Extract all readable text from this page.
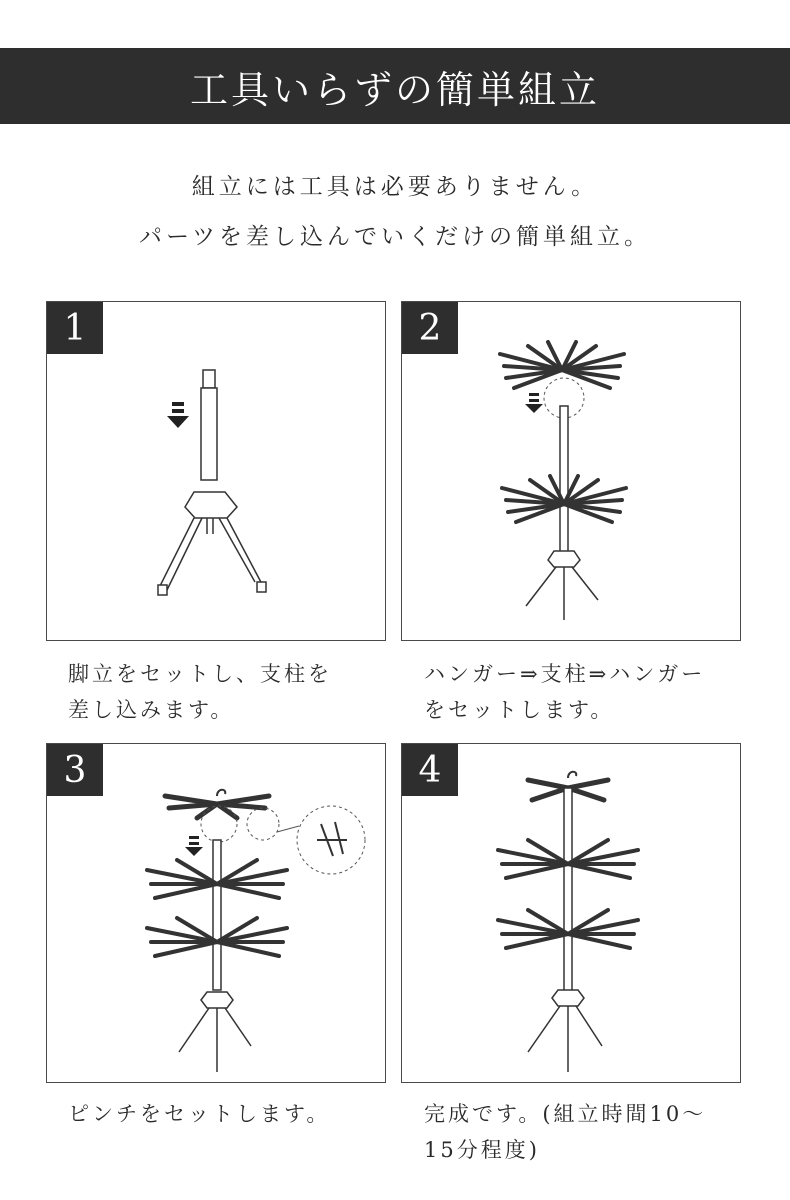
工具いらずの簡単組立
組立には工具は必要ありません。
パーツを差し込んでいくだけの簡単組立。
1	2
3	4
脚立をセットし、支柱を
差し込みます。
ハンガー⇒支柱⇒ハンガー
をセットします。
ピンチをセットします。	完成です。(組立時間10～
15分程度)
